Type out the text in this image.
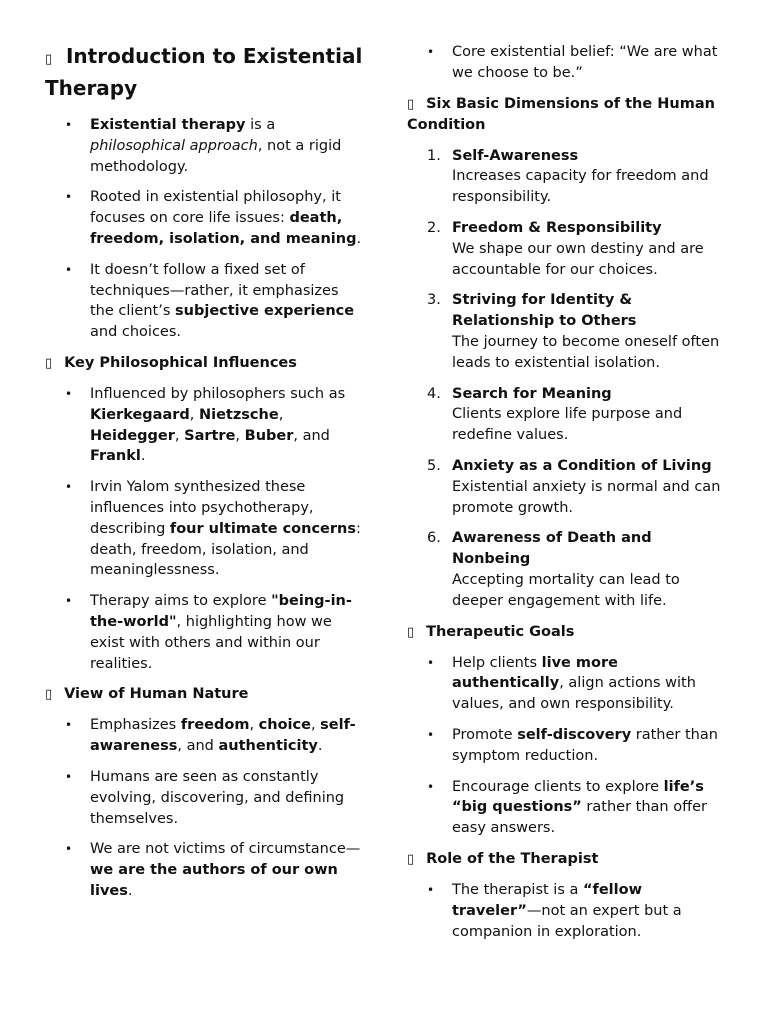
▯ Introduction to Existential Therapy
• Existential therapy is a philosophical approach, not a rigid methodology.
• Rooted in existential philosophy, it focuses on core life issues: death, freedom, isolation, and meaning.
• It doesn’t follow a fixed set of techniques—rather, it emphasizes the client’s subjective experience and choices.
▯ Key Philosophical Influences
• Influenced by philosophers such as Kierkegaard, Nietzsche, Heidegger, Sartre, Buber, and Frankl.
• Irvin Yalom synthesized these influences into psychotherapy, describing four ultimate concerns: death, freedom, isolation, and meaninglessness.
• Therapy aims to explore "being-in-the-world", highlighting how we exist with others and within our realities.
▯ View of Human Nature
• Emphasizes freedom, choice, self-awareness, and authenticity.
• Humans are seen as constantly evolving, discovering, and defining themselves.
• We are not victims of circumstance—we are the authors of our own lives.
• Core existential belief: “We are what we choose to be.”
▯ Six Basic Dimensions of the Human Condition
1. Self-Awareness
Increases capacity for freedom and responsibility.
2. Freedom & Responsibility
We shape our own destiny and are accountable for our choices.
3. Striving for Identity & Relationship to Others
The journey to become oneself often leads to existential isolation.
4. Search for Meaning
Clients explore life purpose and redefine values.
5. Anxiety as a Condition of Living
Existential anxiety is normal and can promote growth.
6. Awareness of Death and Nonbeing
Accepting mortality can lead to deeper engagement with life.
▯ Therapeutic Goals
• Help clients live more authentically, align actions with values, and own responsibility.
• Promote self-discovery rather than symptom reduction.
• Encourage clients to explore life’s “big questions” rather than offer easy answers.
▯ Role of the Therapist
• The therapist is a “fellow traveler”—not an expert but a companion in exploration.
